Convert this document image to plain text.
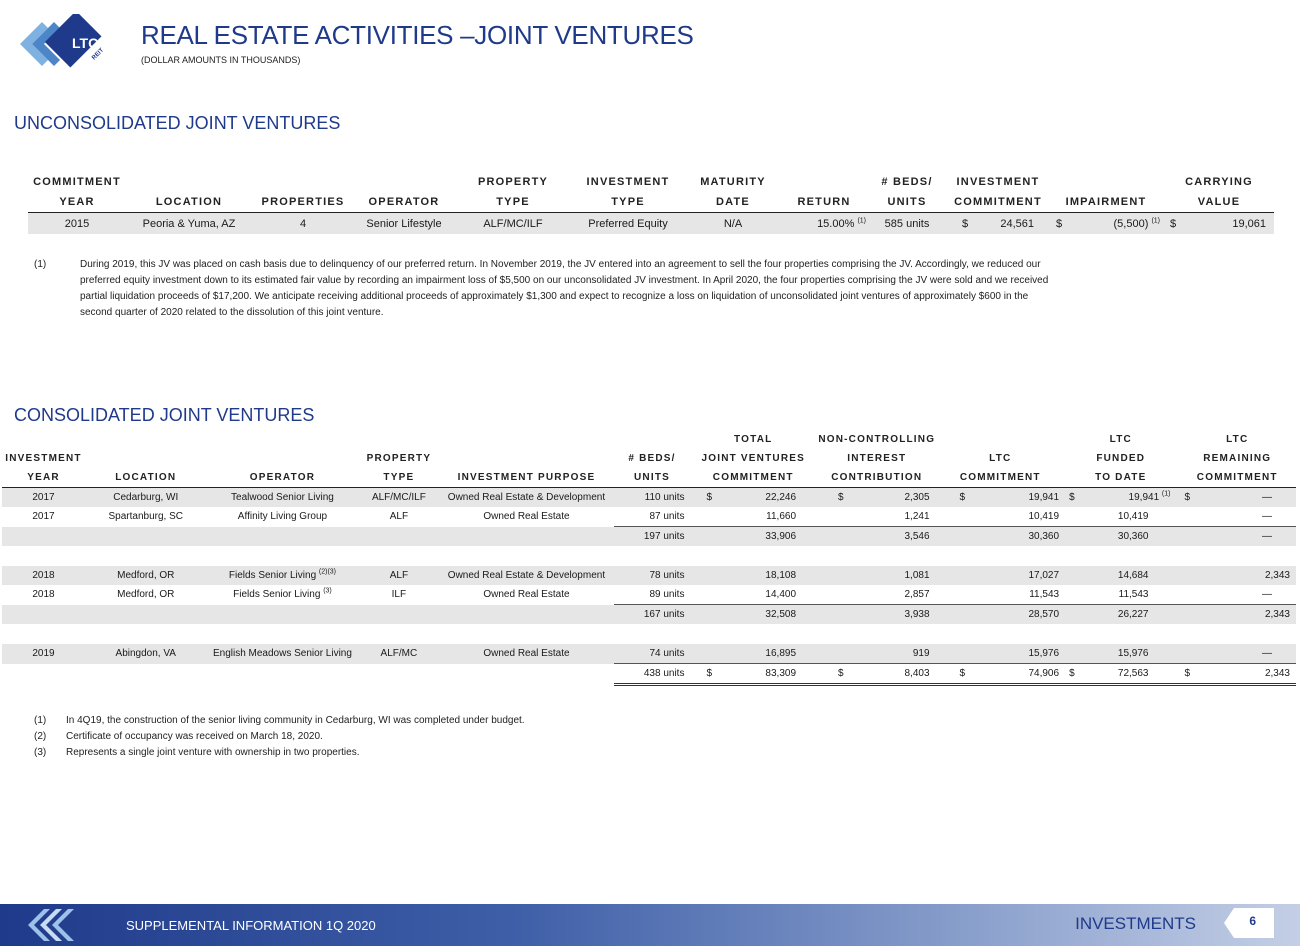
LTC
REIT
REAL ESTATE ACTIVITIES –JOINT VENTURES
(DOLLAR AMOUNTS IN THOUSANDS)
UNCONSOLIDATED JOINT VENTURES
COMMITMENT				PROPERTY	INVESTMENT	MATURITY		# BEDS/	INVESTMENT		CARRYING
YEAR	LOCATION	PROPERTIES	OPERATOR	TYPE	TYPE	DATE	RETURN	UNITS	COMMITMENT	IMPAIRMENT	VALUE
2015	Peoria & Yuma, AZ	4	Senior Lifestyle	ALF/MC/ILF	Preferred Equity	N/A	15.00% $^{(1)}$	585 units	$ 24,561	$ (5,500) $^{(1)}$	$ 19,061
(1)	During 2019, this JV was placed on cash basis due to delinquency of our preferred return. In November 2019, the JV entered into an agreement to sell the four properties comprising the JV. Accordingly, we reduced our
preferred equity investment down to its estimated fair value by recording an impairment loss of $5,500 on our unconsolidated JV investment. In April 2020, the four properties comprising the JV were sold and we received
partial liquidation proceeds of $17,200. We anticipate receiving additional proceeds of approximately $1,300 and expect to recognize a loss on liquidation of unconsolidated joint ventures of approximately $600 in the
second quarter of 2020 related to the dissolution of this joint venture.
CONSOLIDATED JOINT VENTURES
						TOTAL	NON-CONTROLLING		LTC	LTC
INVESTMENT			PROPERTY		# BEDS/	JOINT VENTURES	INTEREST	LTC	FUNDED	REMAINING
YEAR	LOCATION	OPERATOR	TYPE	INVESTMENT PURPOSE	UNITS	COMMITMENT	CONTRIBUTION	COMMITMENT	TO DATE	COMMITMENT
2017	Cedarburg, WI	Tealwood Senior Living	ALF/MC/ILF	Owned Real Estate & Development	110 units	$ 22,246	$ 2,305	$ 19,941	$ 19,941 $^{(1)}$	$ —

2017	Spartanburg, SC	Affinity Living Group	ALF	Owned Real Estate	87 units	11,660	1,241	10,419	10,419	—
					197 units	33,906	3,546	30,360	30,360	—

2018	Medford, OR	Fields Senior Living $^{(2)(3)}$	ALF	Owned Real Estate & Development	78 units	18,108	1,081	17,027	14,684	2,343
2018	Medford, OR	Fields Senior Living $^{(3)}$	ILF	Owned Real Estate	89 units	14,400	2,857	11,543	11,543	—
					167 units	32,508	3,938	28,570	26,227	2,343

2019	Abingdon, VA	English Meadows Senior Living	ALF/MC	Owned Real Estate	74 units	16,895	919	15,976	15,976	—
					438 units	$ 83,309	$ 8,403	$ 74,906	$ 72,563	$ 2,343
(1) In 4Q19, the construction of the senior living community in Cedarburg, WI was completed under budget.
(2) Certificate of occupancy was received on March 18, 2020.
(3) Represents a single joint venture with ownership in two properties.
SUPPLEMENTAL INFORMATION 1Q 2020	INVESTMENTS	6
